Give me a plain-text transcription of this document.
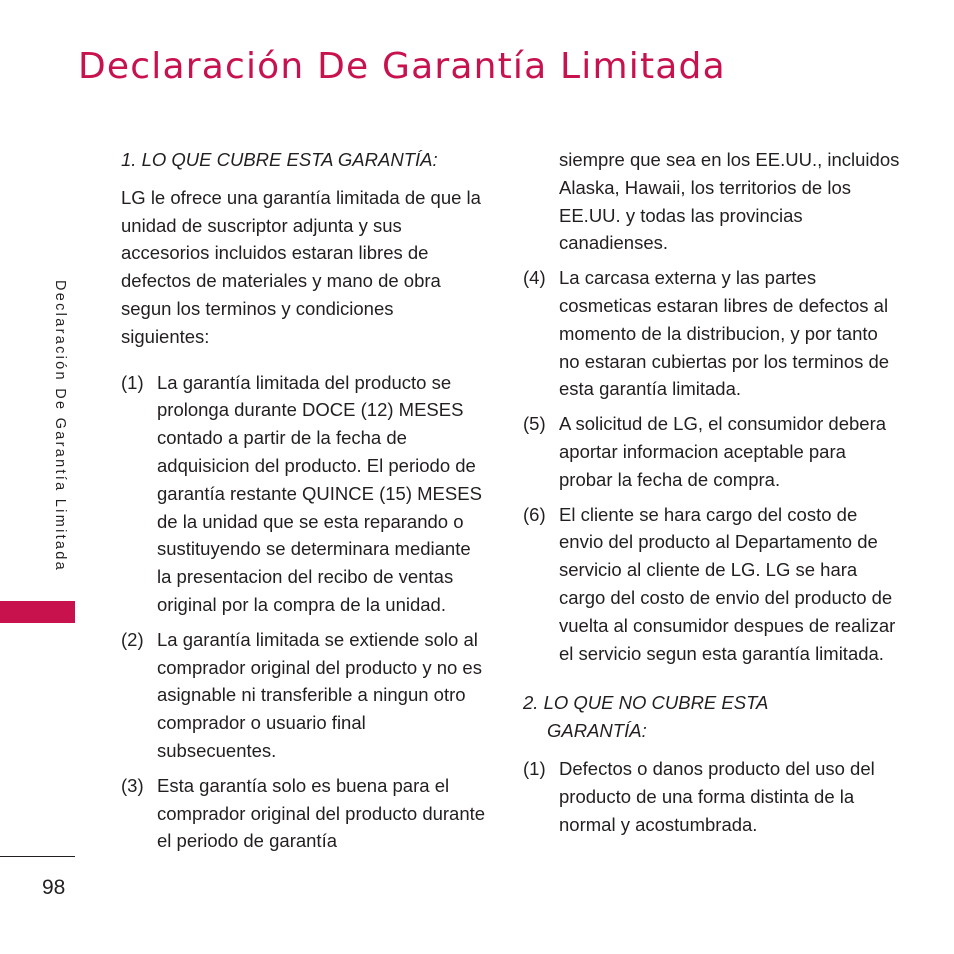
Declaración De Garantía Limitada
Declaración De Garantía Limitada
98
1. LO QUE CUBRE ESTA GARANTÍA:
LG le ofrece una garantía limitada de que la unidad de suscriptor adjunta y sus accesorios incluidos estaran libres de defectos de materiales y mano de obra segun los terminos y condiciones siguientes:
(1) La garantía limitada del producto se prolonga durante DOCE (12) MESES contado a partir de la fecha de adquisicion del producto. El periodo de garantía restante QUINCE (15) MESES de la unidad que se esta reparando o sustituyendo se determinara mediante la presentacion del recibo de ventas original por la compra de la unidad.
(2) La garantía limitada se extiende solo al comprador original del producto y no es asignable ni transferible a ningun otro comprador o usuario final subsecuentes.
(3) Esta garantía solo es buena para el comprador original del producto durante el periodo de garantía
siempre que sea en los EE.UU., incluidos Alaska, Hawaii, los territorios de los EE.UU. y todas las provincias canadienses.
(4) La carcasa externa y las partes cosmeticas estaran libres de defectos al momento de la distribucion, y por tanto no estaran cubiertas por los terminos de esta garantía limitada.
(5) A solicitud de LG, el consumidor debera aportar informacion aceptable para probar la fecha de compra.
(6) El cliente se hara cargo del costo de envio del producto al Departamento de servicio al cliente de LG. LG se hara cargo del costo de envio del producto de vuelta al consumidor despues de realizar el servicio segun esta garantía limitada.
2. LO QUE NO CUBRE ESTA
GARANTÍA:
(1) Defectos o danos producto del uso del producto de una forma distinta de la normal y acostumbrada.
